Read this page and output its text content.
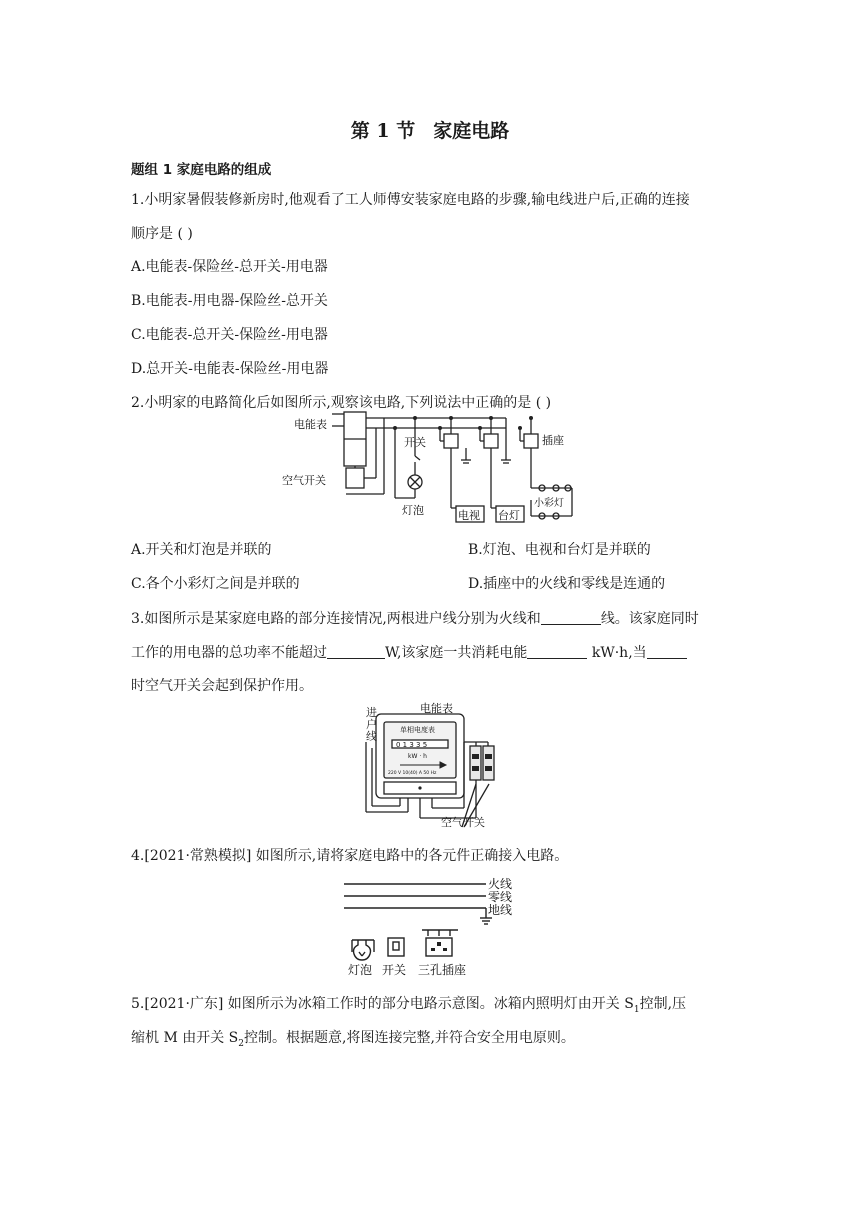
第 1 节 家庭电路
题组 1 家庭电路的组成
1.小明家暑假装修新房时,他观看了工人师傅安装家庭电路的步骤,输电线进户后,正确的连接
顺序是 ( )
A.电能表-保险丝-总开关-用电器
B.电能表-用电器-保险丝-总开关
C.电能表-总开关-保险丝-用电器
D.总开关-电能表-保险丝-用电器
2.小明家的电路简化后如图所示,观察该电路,下列说法中正确的是 ( )
电能表
空气开关
开关
灯泡
插座
电视 台灯
小彩灯
A.开关和灯泡是并联的	B.灯泡、电视和台灯是并联的
C.各个小彩灯之间是并联的	D.插座中的火线和零线是连通的
3.如图所示是某家庭电路的部分连接情况,两根进户线分别为火线和	线。该家庭同时
工作的用电器的总功率不能超过	W,该家庭一共消耗电能	kW·h,当
时空气开关会起到保护作用。
单相电度表
0 1 3 3 5
kW · h
220 V 10(40) A 50 Hz
电能表
进户线
空气开关
4.[2021·常熟模拟] 如图所示,请将家庭电路中的各元件正确接入电路。
火线
零线
地线
灯泡 开关 三孔插座
5.[2021·广东] 如图所示为冰箱工作时的部分电路示意图。冰箱内照明灯由开关 $S_1$控制,压
缩机 M 由开关 $S_2$控制。根据题意,将图连接完整,并符合安全用电原则。
